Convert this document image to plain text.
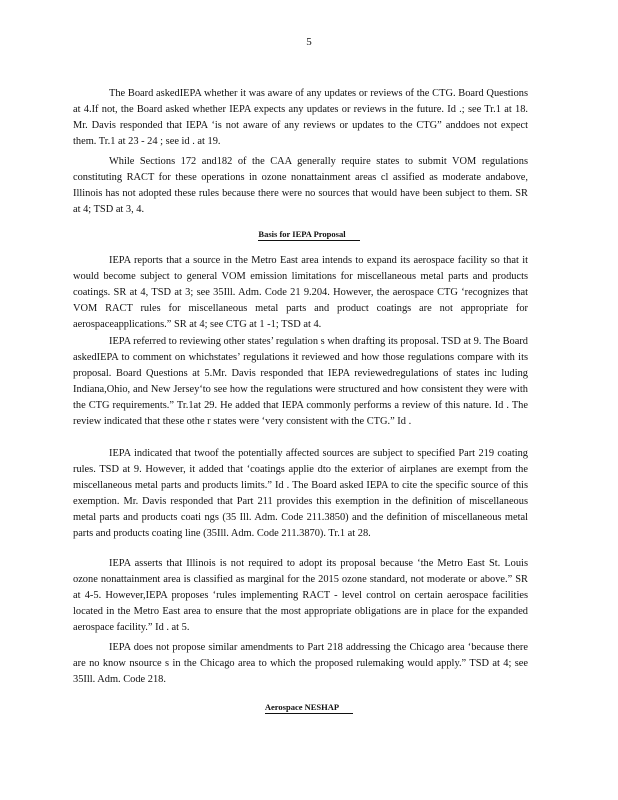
5

The Board askedIEPA whether it was aware of any updates or reviews of the CTG. Board Questions at 4.If not, the Board asked whether IEPA expects any updates or reviews in the future. Id .; see Tr.1 at 18. Mr. Davis responded that IEPA ‘is not aware of any reviews or updates to the CTG” anddoes not expect them. Tr.1 at 23 - 24 ; see id . at 19.

While Sections 172 and182 of the CAA generally require states to submit VOM regulations constituting RACT for these operations in ozone nonattainment areas cl assified as moderate andabove, Illinois has not adopted these rules because there were no sources that would have been subject to them. SR at 4; TSD at 3, 4.

Basis for IEPA Proposal

IEPA reports that a source in the Metro East area intends to expand its aerospace facility so that it would become subject to general VOM emission limitations for miscellaneous metal parts and products coatings. SR at 4, TSD at 3; see 35Ill. Adm. Code 21 9.204. However, the aerospace CTG ‘recognizes that VOM RACT rules for miscellaneous metal parts and product coatings are not appropriate for aerospaceapplications.” SR at 4; see CTG at 1 -1; TSD at 4.

IEPA referred to reviewing other states’ regulation s when drafting its proposal. TSD at 9. The Board askedIEPA to comment on whichstates’ regulations it reviewed and how those regulations compare with its proposal. Board Questions at 5.Mr. Davis responded that IEPA reviewedregulations of states inc luding Indiana,Ohio, and New Jersey‘to see how the regulations were structured and how consistent they were with the CTG requirements.” Tr.1at 29. He added that IEPA commonly performs a review of this nature. Id . The review indicated that these othe r states were ‘very consistent with the CTG.” Id .

IEPA indicated that twoof the potentially affected sources are subject to specified Part 219 coating rules. TSD at 9. However, it added that ‘coatings applie dto the exterior of airplanes are exempt from the miscellaneous metal parts and products limits.” Id . The Board asked IEPA to cite the specific source of this exemption. Mr. Davis responded that Part 211 provides this exemption in the definition of miscellaneous metal parts and products coati ngs (35 Ill. Adm. Code 211.3850) and the definition of miscellaneous metal parts and products coating line (35Ill. Adm. Code 211.3870). Tr.1 at 28.

IEPA asserts that Illinois is not required to adopt its proposal because ‘the Metro East St. Louis ozone nonattainment area is classified as marginal for the 2015 ozone standard, not moderate or above.” SR at 4-5. However,IEPA proposes ‘rules implementing RACT - level control on certain aerospace facilities located in the Metro East area to ensure that the most appropriate obligations are in place for the expanded aerospace facility.” Id . at 5.

IEPA does not propose similar amendments to Part 218 addressing the Chicago area ‘because there are no know nsource s in the Chicago area to which the proposed rulemaking would apply.” TSD at 4; see 35Ill. Adm. Code 218.

Aerospace NESHAP
